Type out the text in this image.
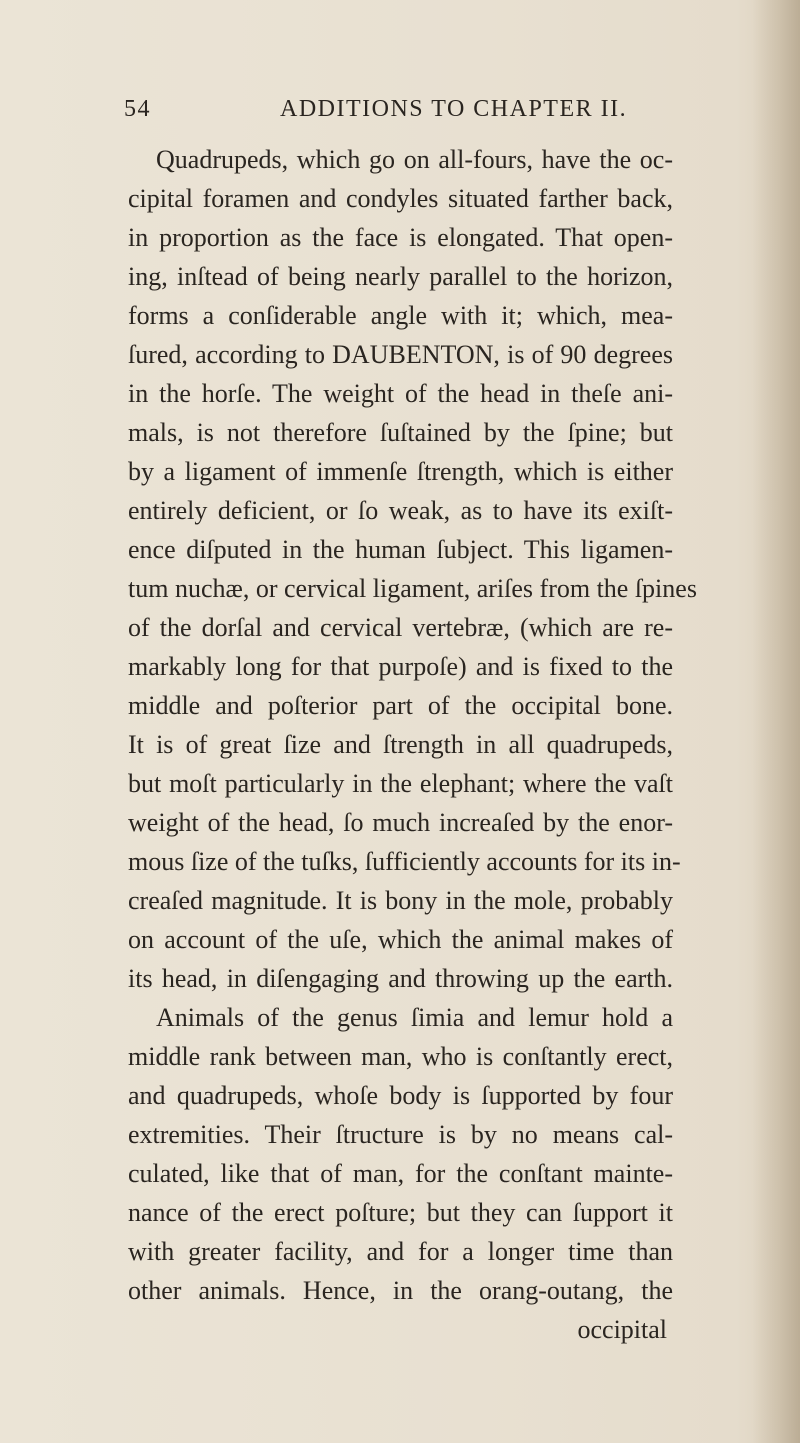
54	ADDITIONS TO CHAPTER II.
Quadrupeds, which go on all-fours, have the oc-
cipital foramen and condyles situated farther back,
in proportion as the face is elongated. That open-
ing, inſtead of being nearly parallel to the horizon,
forms a conſiderable angle with it; which, mea-
ſured, according to DAUBENTON, is of 90 degrees
in the horſe. The weight of the head in theſe ani-
mals, is not therefore ſuſtained by the ſpine; but
by a ligament of immenſe ſtrength, which is either
entirely deficient, or ſo weak, as to have its exiſt-
ence diſputed in the human ſubject. This ligamen-
tum nuchæ, or cervical ligament, ariſes from the ſpines
of the dorſal and cervical vertebræ, (which are re-
markably long for that purpoſe) and is fixed to the
middle and poſterior part of the occipital bone.
It is of great ſize and ſtrength in all quadrupeds,
but moſt particularly in the elephant; where the vaſt
weight of the head, ſo much increaſed by the enor-
mous ſize of the tuſks, ſufficiently accounts for its in-
creaſed magnitude. It is bony in the mole, probably
on account of the uſe, which the animal makes of
its head, in diſengaging and throwing up the earth.
Animals of the genus ſimia and lemur hold a
middle rank between man, who is conſtantly erect,
and quadrupeds, whoſe body is ſupported by four
extremities. Their ſtructure is by no means cal-
culated, like that of man, for the conſtant mainte-
nance of the erect poſture; but they can ſupport it
with greater facility, and for a longer time than
other animals. Hence, in the orang-outang, the
occipital
